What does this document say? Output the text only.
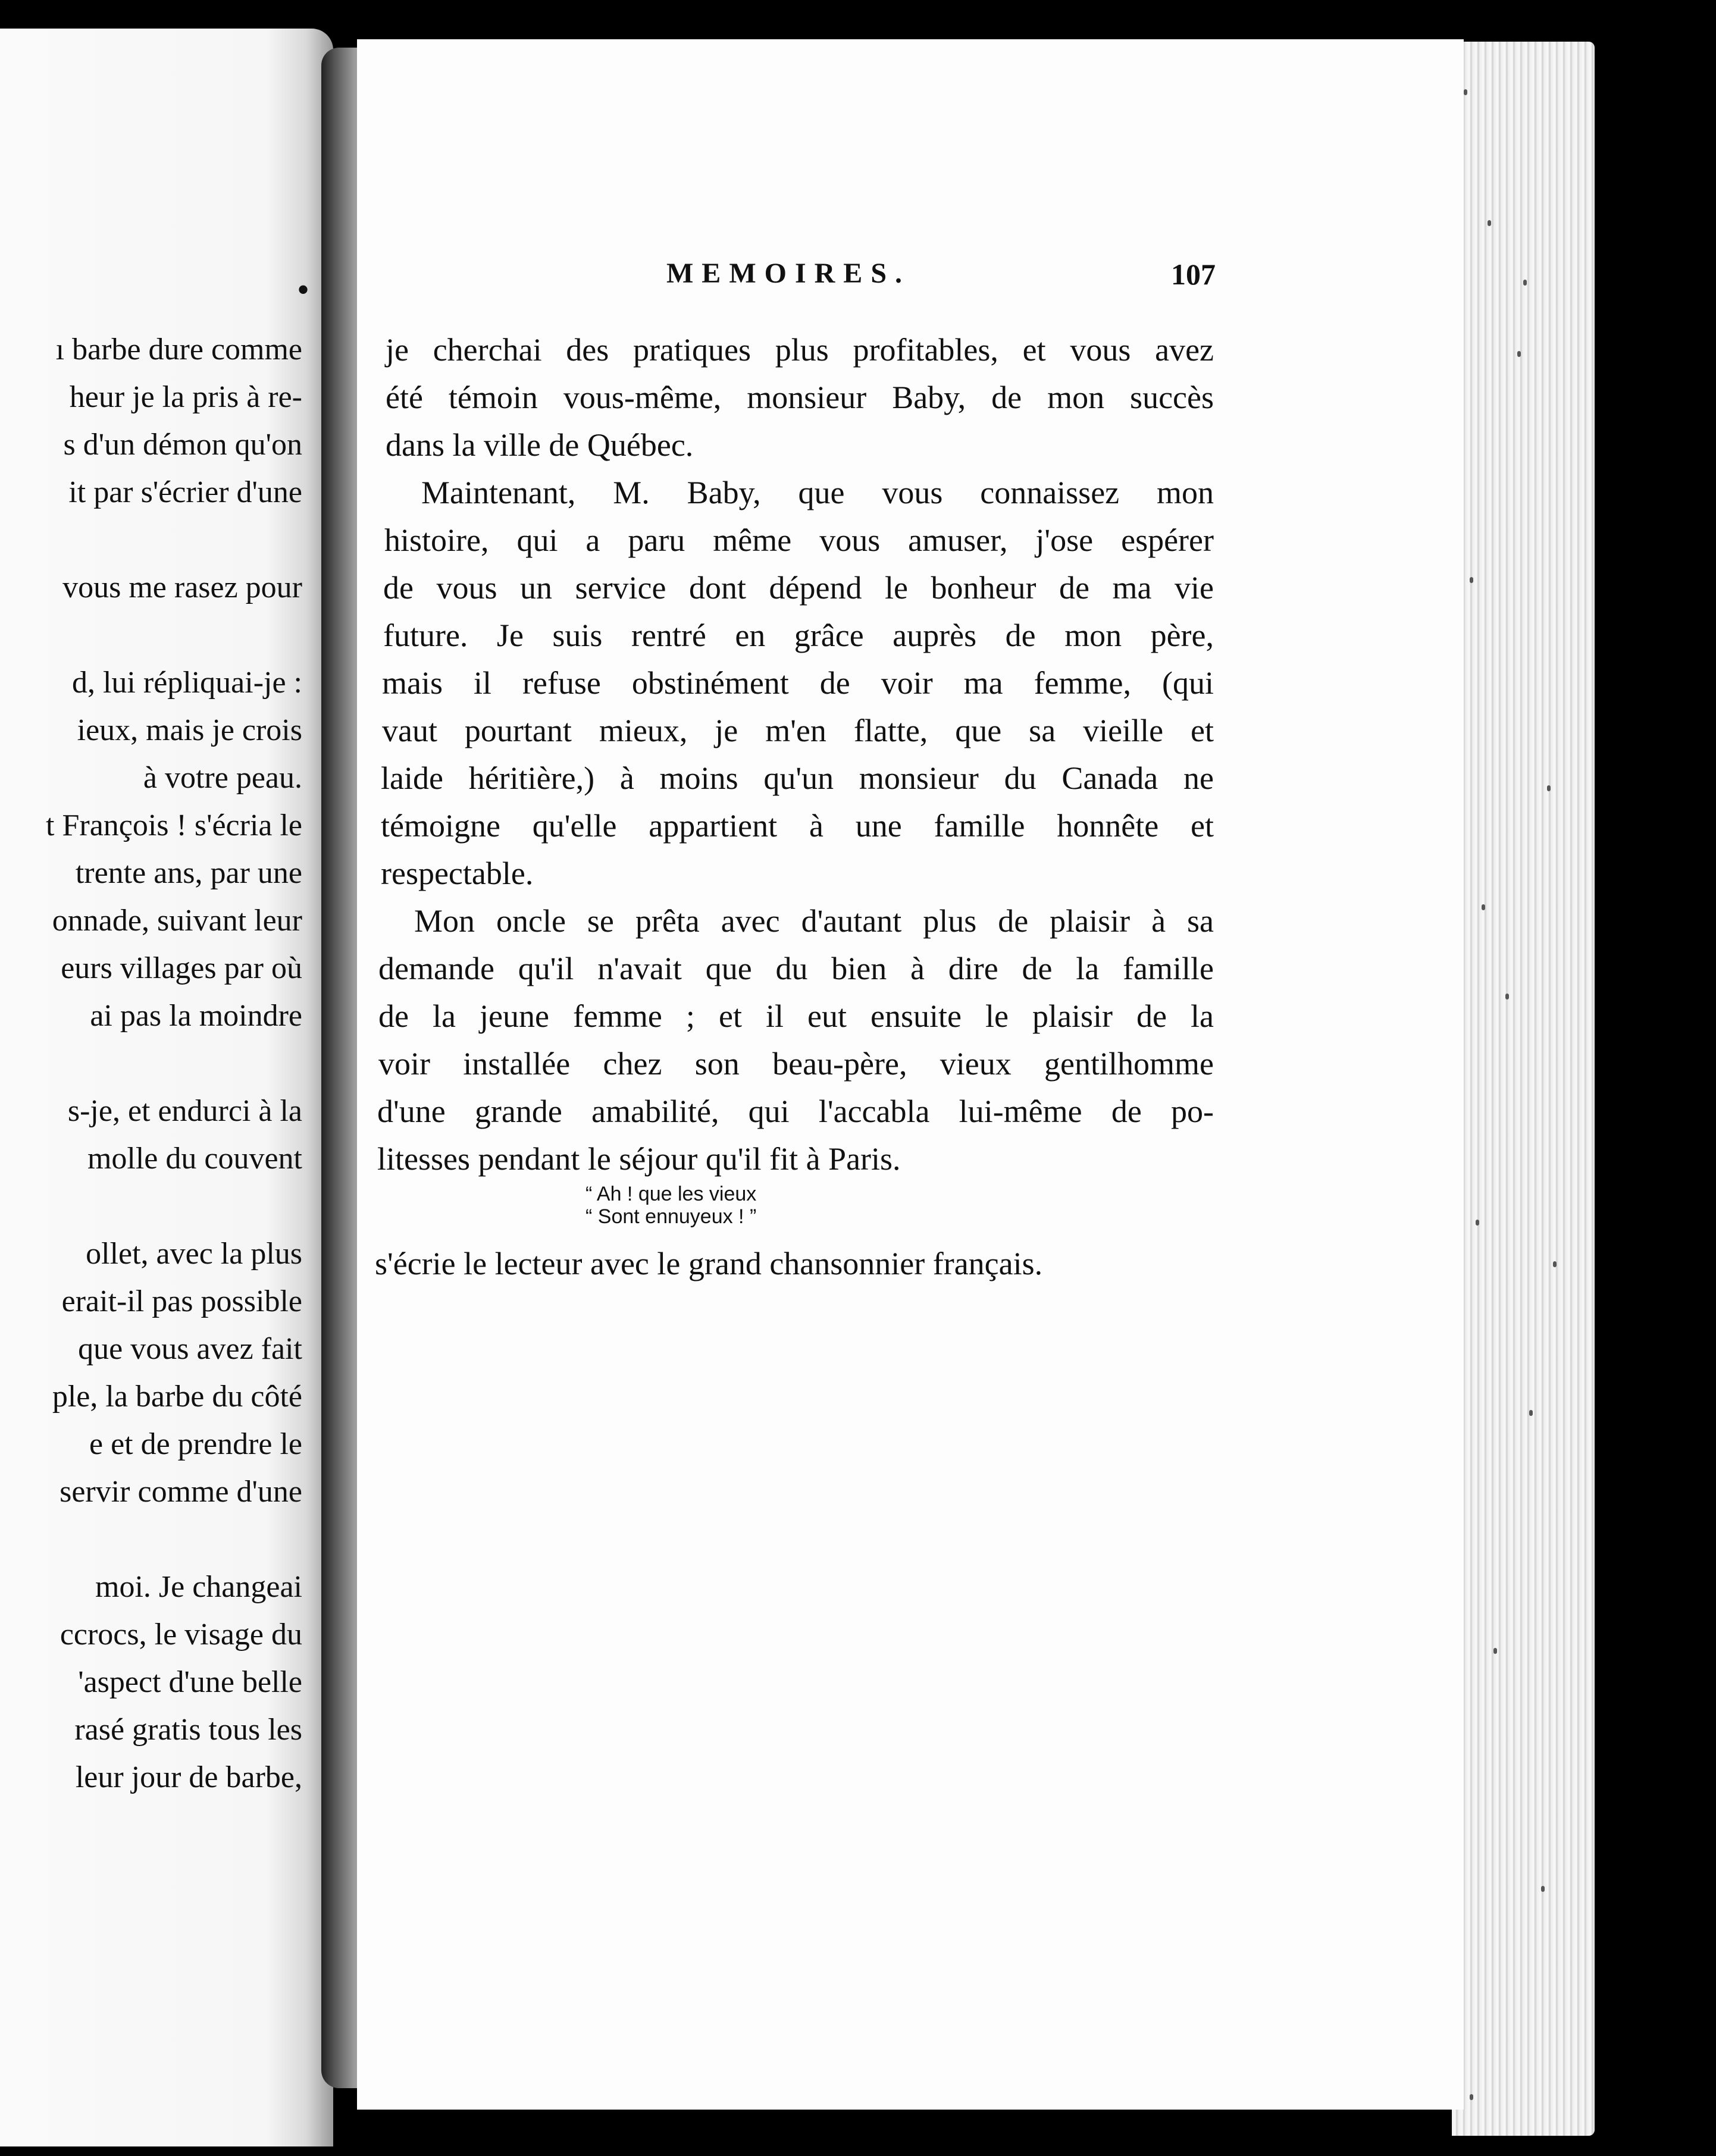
•
ı barbe dure comme
heur je la pris à re-
s d'un démon qu'on
it par s'écrier d'une
vous me rasez pour
d, lui répliquai-je :
ieux, mais je crois
à votre peau.
t François ! s'écria le
trente ans, par une
onnade, suivant leur
eurs villages par où
ai pas la moindre
s-je, et endurci à la
molle du couvent
ollet, avec la plus
erait-il pas possible
que vous avez fait
ple, la barbe du côté
e et de prendre le
servir comme d'une
moi. Je changeai
ccrocs, le visage du
'aspect d'une belle
rasé gratis tous les
leur jour de barbe,
MEMOIRES.	107
je cherchai des pratiques plus profitables, et vous avez
été témoin vous-même, monsieur Baby, de mon succès
dans la ville de Québec.
Maintenant, M. Baby, que vous connaissez mon
histoire, qui a paru même vous amuser, j'ose espérer
de vous un service dont dépend le bonheur de ma vie
future. Je suis rentré en grâce auprès de mon père,
mais il refuse obstinément de voir ma femme, (qui
vaut pourtant mieux, je m'en flatte, que sa vieille et
laide héritière,) à moins qu'un monsieur du Canada ne
témoigne qu'elle appartient à une famille honnête et
respectable.
Mon oncle se prêta avec d'autant plus de plaisir à sa
demande qu'il n'avait que du bien à dire de la famille
de la jeune femme ; et il eut ensuite le plaisir de la
voir installée chez son beau-père, vieux gentilhomme
d'une grande amabilité, qui l'accabla lui-même de po-
litesses pendant le séjour qu'il fit à Paris.
“ Ah ! que les vieux
“ Sont ennuyeux ! ”
s'écrie le lecteur avec le grand chansonnier français.
